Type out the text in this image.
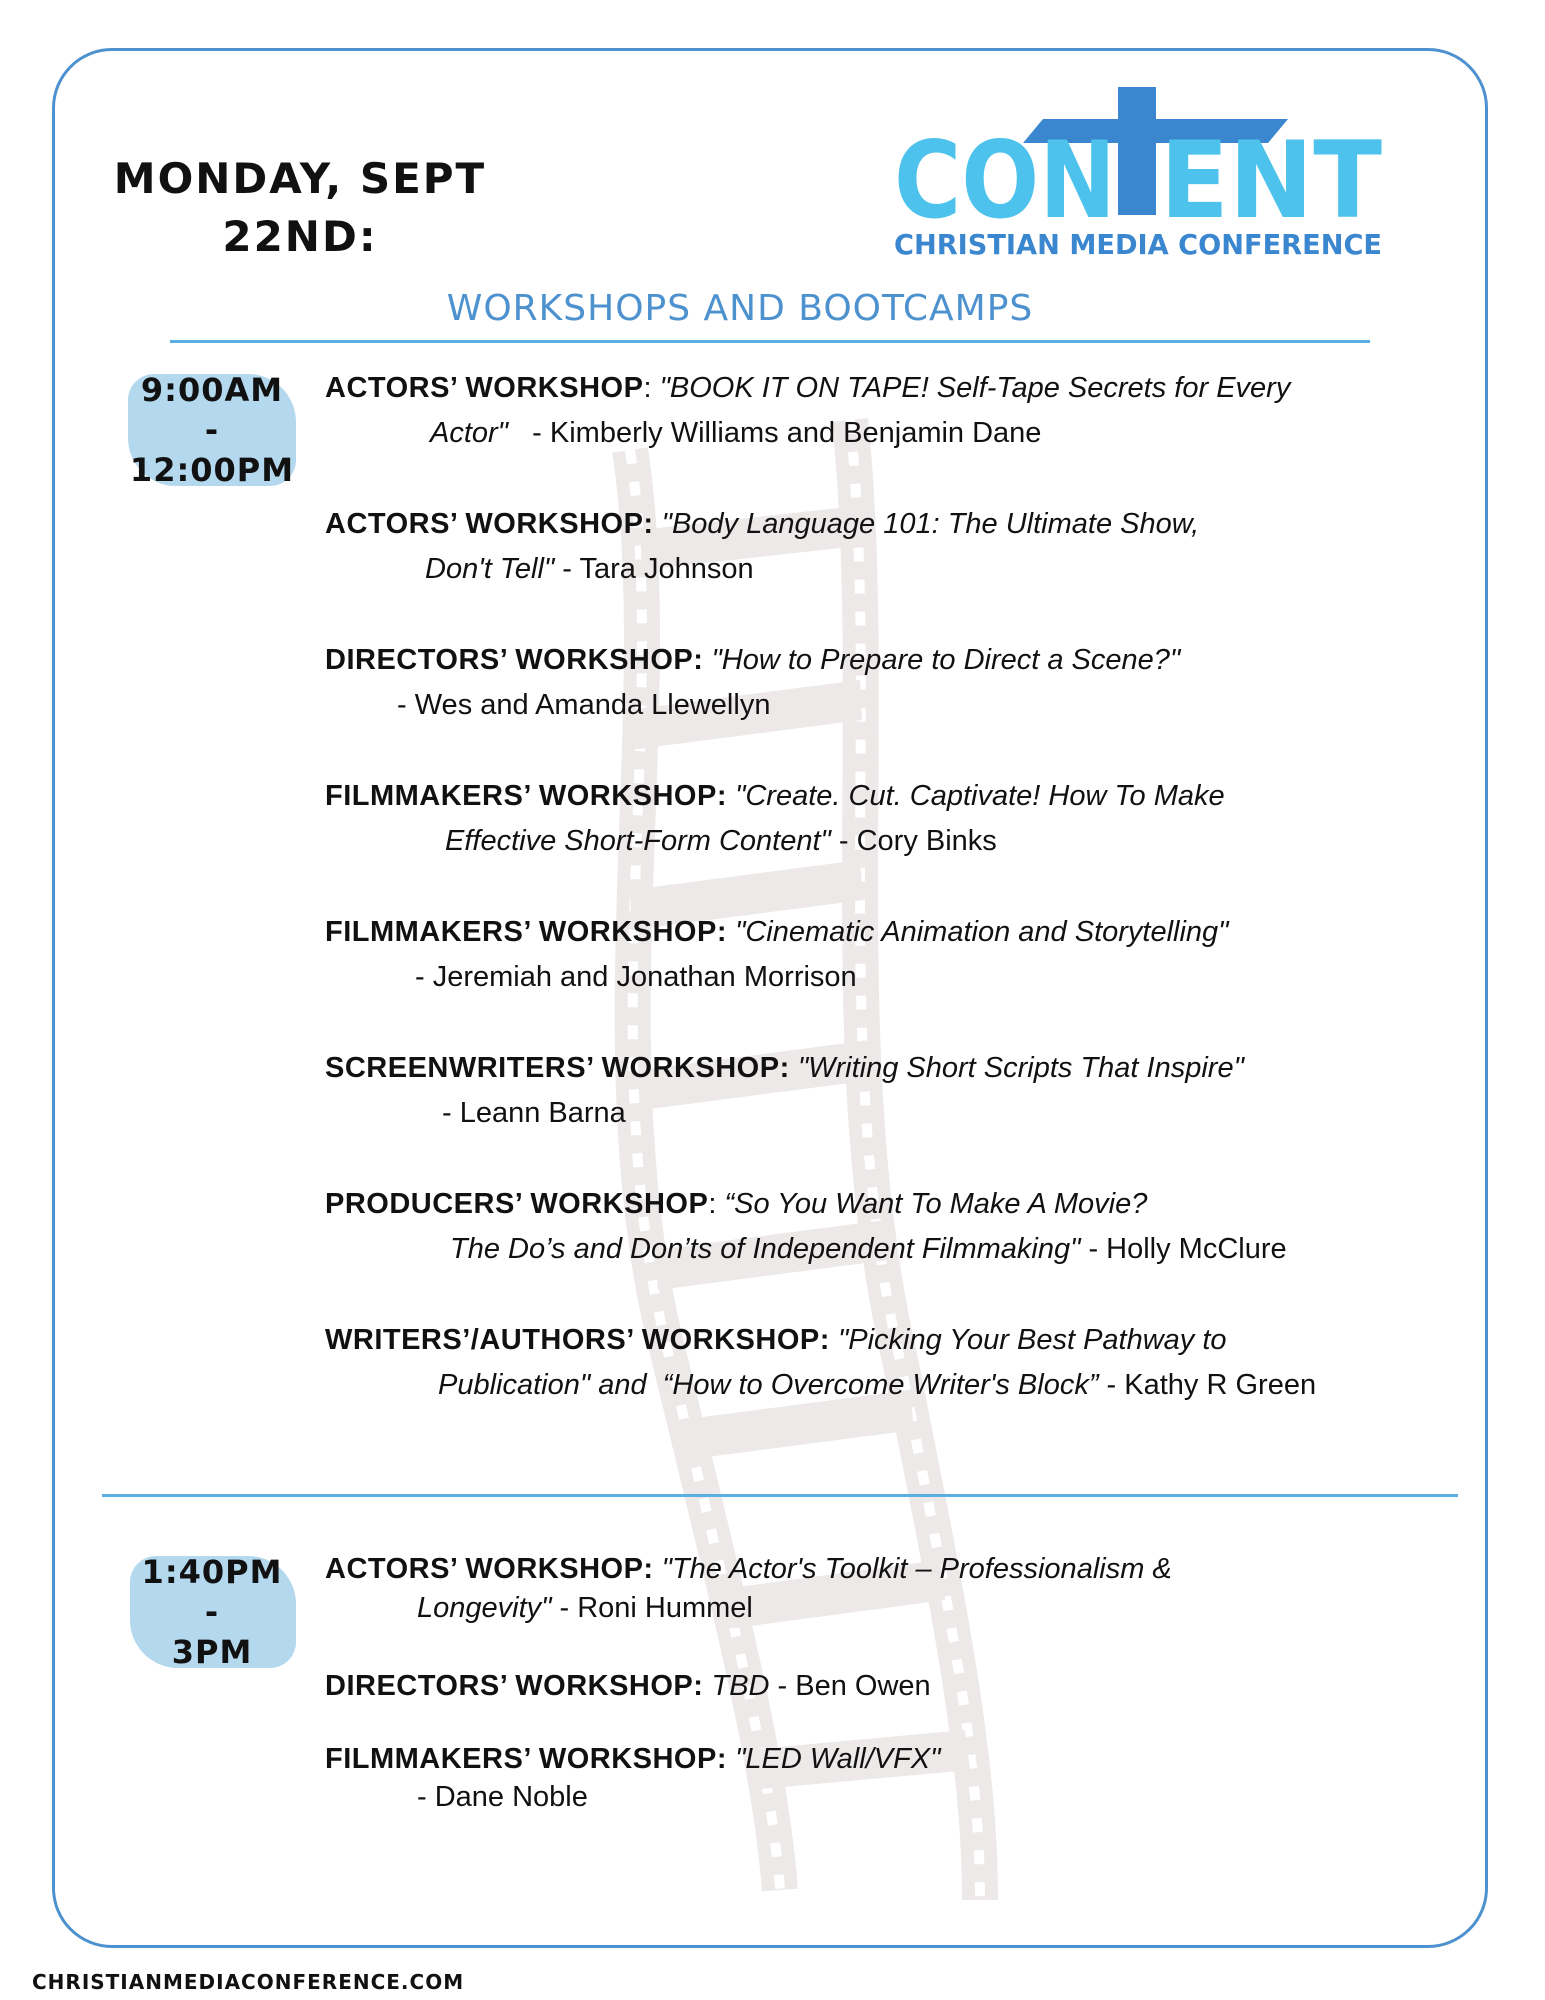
MONDAY, SEPT
22ND:	CON ENT
CHRISTIAN MEDIA CONFERENCE
WORKSHOPS AND BOOTCAMPS
9:00AM
-
12:00PM
ACTORS’ WORKSHOP: "BOOK IT ON TAPE! Self-Tape Secrets for Every
Actor"   - Kimberly Williams and Benjamin Dane
ACTORS’ WORKSHOP: "Body Language 101: The Ultimate Show,
Don't Tell" - Tara Johnson
DIRECTORS’ WORKSHOP: "How to Prepare to Direct a Scene?"
- Wes and Amanda Llewellyn
FILMMAKERS’ WORKSHOP: "Create. Cut. Captivate! How To Make
Effective Short-Form Content" - Cory Binks
FILMMAKERS’ WORKSHOP: "Cinematic Animation and Storytelling"
- Jeremiah and Jonathan Morrison
SCREENWRITERS’ WORKSHOP: "Writing Short Scripts That Inspire"
- Leann Barna
PRODUCERS’ WORKSHOP: “So You Want To Make A Movie?
The Do’s and Don’ts of Independent Filmmaking" - Holly McClure
WRITERS’/AUTHORS’ WORKSHOP: "Picking Your Best Pathway to
Publication" and  “How to Overcome Writer's Block” - Kathy R Green
1:40PM
-
3PM
ACTORS’ WORKSHOP: "The Actor's Toolkit – Professionalism &
Longevity" - Roni Hummel
DIRECTORS’ WORKSHOP: TBD - Ben Owen
FILMMAKERS’ WORKSHOP: "LED Wall/VFX"
- Dane Noble
CHRISTIANMEDIACONFERENCE.COM
